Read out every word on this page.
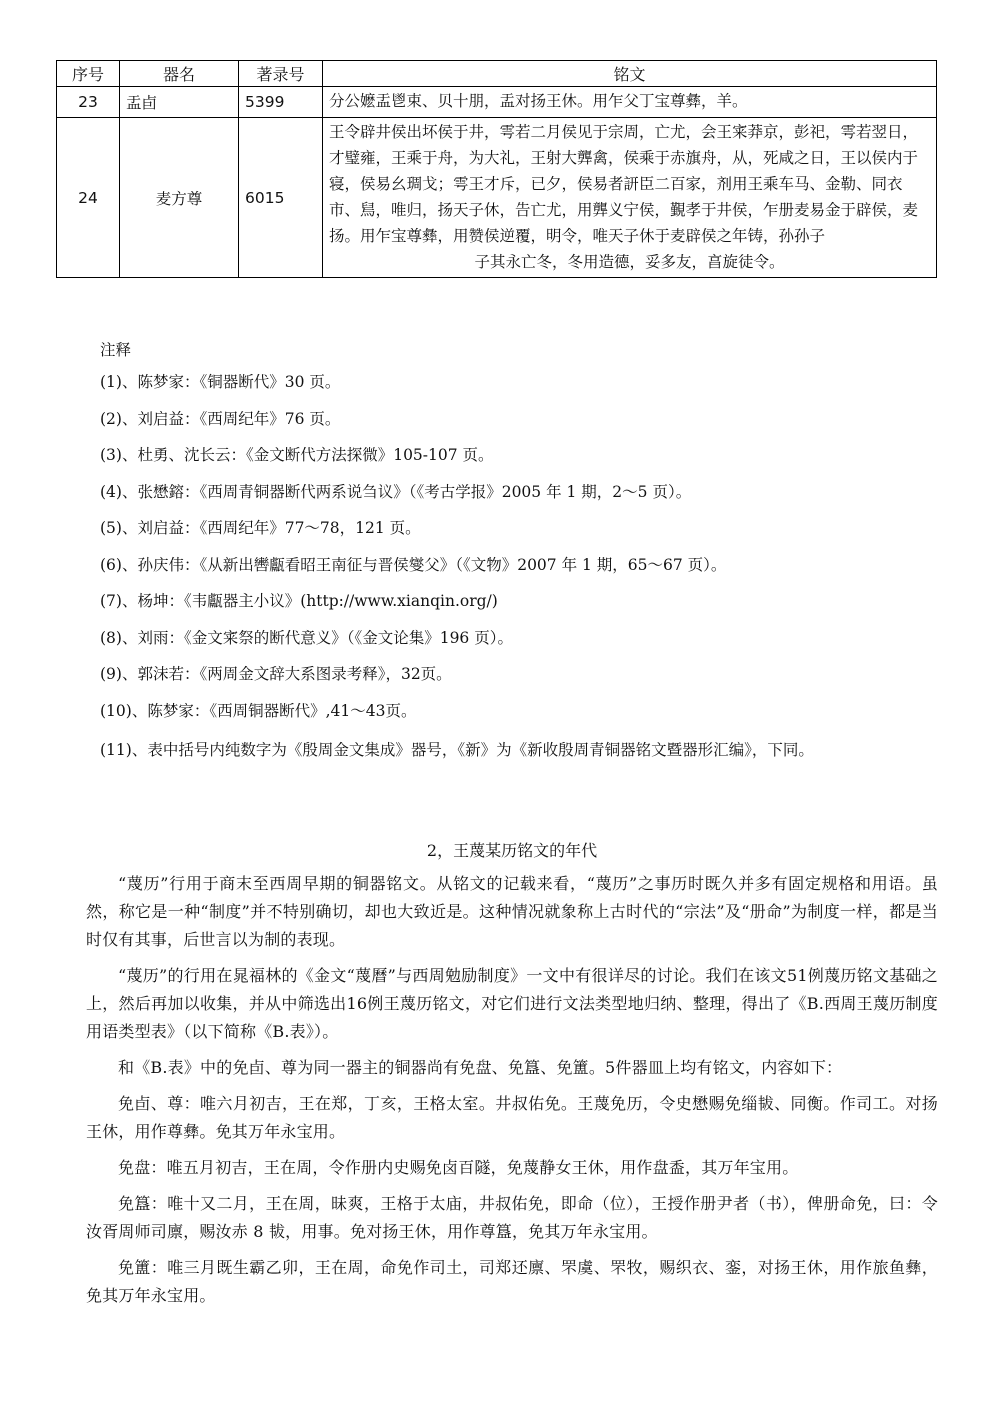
序号	器名	著录号	铭文
23	盂卣	5399	分公嬷盂鬯束、贝十朋，盂对扬王休。用乍父丁宝尊彝，羊。
24	麦方尊	6015	王令辟井侯出坏侯于井，雩若二月侯见于宗周，亡尤，会王宷莽京，彭祀，雩若翌日，才璧雍，王乘于舟，为大礼，王射大龏禽，侯乘于赤旗舟，从，死咸之日，王以侯内于寝，侯易幺琱戈；雩王才斥，已夕，侯易者訮臣二百家，剂用王乘车马、金勒、同衣市、舃，唯归，扬天子休，告亡尤，用龏义宁侯，覲孝于井侯，乍册麦易金于辟侯，麦扬。用乍宝尊彝，用赞侯逆覆，明令，唯天子休于麦辟侯之年铸，孙孙子
子其永亡冬，冬用造德，妥多友，亯旋徒令。
注释
(1)、陈梦家：《铜器断代》30 页。
(2)、刘启益：《西周纪年》76 页。
(3)、杜勇、沈长云：《金文断代方法探微》105-107 页。
(4)、张懋鎔：《西周青铜器断代两系说刍议》（《考古学报》2005 年 1 期，2～5 页）。
(5)、刘启益：《西周纪年》77～78，121 页。
(6)、孙庆伟：《从新出轡甗看昭王南征与晋侯燮父》（《文物》2007 年 1 期，65～67 页）。
(7)、杨坤：《韦甗器主小议》(http://www.xianqin.org/)
(8)、刘雨：《金文宷祭的断代意义》（《金文论集》196 页）。
(9)、郭沫若：《两周金文辞大系图录考释》，32页。
(10)、陈梦家：《西周铜器断代》,41～43页。
(11)、表中括号内纯数字为《殷周金文集成》器号，《新》为《新收殷周青铜器铭文暨器形汇编》，下同。
2，王蔑某历铭文的年代

“蔑历”行用于商末至西周早期的铜器铭文。从铭文的记载来看，“蔑历”之事历时既久并多有固定规格和用语。虽然，称它是一种“制度”并不特别确切，却也大致近是。这种情况就象称上古时代的“宗法”及“册命”为制度一样，都是当时仅有其事，后世言以为制的表现。

“蔑历”的行用在晁福林的《金文“蔑曆”与西周勉励制度》一文中有很详尽的讨论。我们在该文51例蔑历铭文基础之上，然后再加以收集，并从中筛选出16例王蔑历铭文，对它们进行文法类型地归纳、整理，得出了《B.西周王蔑历制度用语类型表》（以下简称《B.表》）。

和《B.表》中的免卣、尊为同一器主的铜器尚有免盘、免簋、免簠。5件器皿上均有铭文，内容如下：

免卣、尊：唯六月初吉，王在郑，丁亥，王格太室。井叔佑免。王蔑免历，令史懋赐免缁韨、同衡。作司工。对扬王休，用作尊彝。免其万年永宝用。

免盘：唯五月初吉，王在周，令作册内史赐免卤百隧，免蔑静女王休，用作盘盉，其万年宝用。

免簋：唯十又二月，王在周，昧爽，王格于太庙，井叔佑免，即命（位），王授作册尹者（书），俾册命免，曰：令汝胥周师司廪，赐汝赤 8 韨，用事。免对扬王休，用作尊簋，免其万年永宝用。

免簠：唯三月既生霸乙卯，王在周，命免作司土，司郑还廪、罘虞、罘牧，赐织衣、銮，对扬王休，用作旅鱼彝，免其万年永宝用。
